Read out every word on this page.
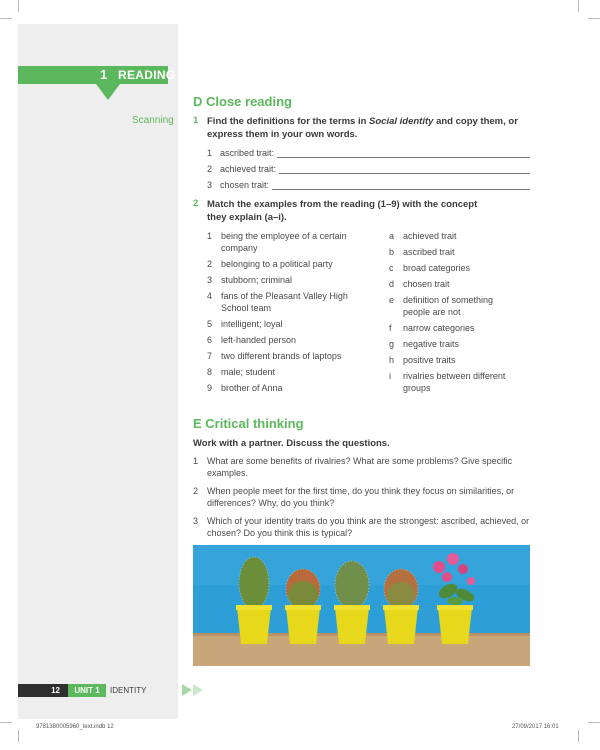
1 READING
D Close reading
Scanning 1 Find the definitions for the terms in Social identity and copy them, or express them in your own words.
1 ascribed trait:
2 achieved trait:
3 chosen trait:
2 Match the examples from the reading (1–9) with the concept they explain (a–i).
1 being the employee of a certain
company
2 belonging to a political party
3 stubborn; criminal
4 fans of the Pleasant Valley High
School team
5 intelligent; loyal
6 left-handed person
7 two different brands of laptops
8 male; student
9 brother of Anna
a achieved trait
b ascribed trait
c	broad categories
d chosen trait
e definition of something
people are not
f	narrow categories
g negative traits
h positive traits
i	rivalries between different
groups
E Critical thinking
Work with a partner. Discuss the questions.
1 What are some benefits of rivalries? What are some problems? Give specific examples.
2 When people meet for the first time, do you think they focus on similarities, or differences? Why, do you think?
3 Which of your identity traits do you think are the strongest: ascribed, achieved, or chosen? Do you think this is typical?
12	UNIT 1	IDENTITY
9781380005960_text.indb 12	27/09/2017 16:01
